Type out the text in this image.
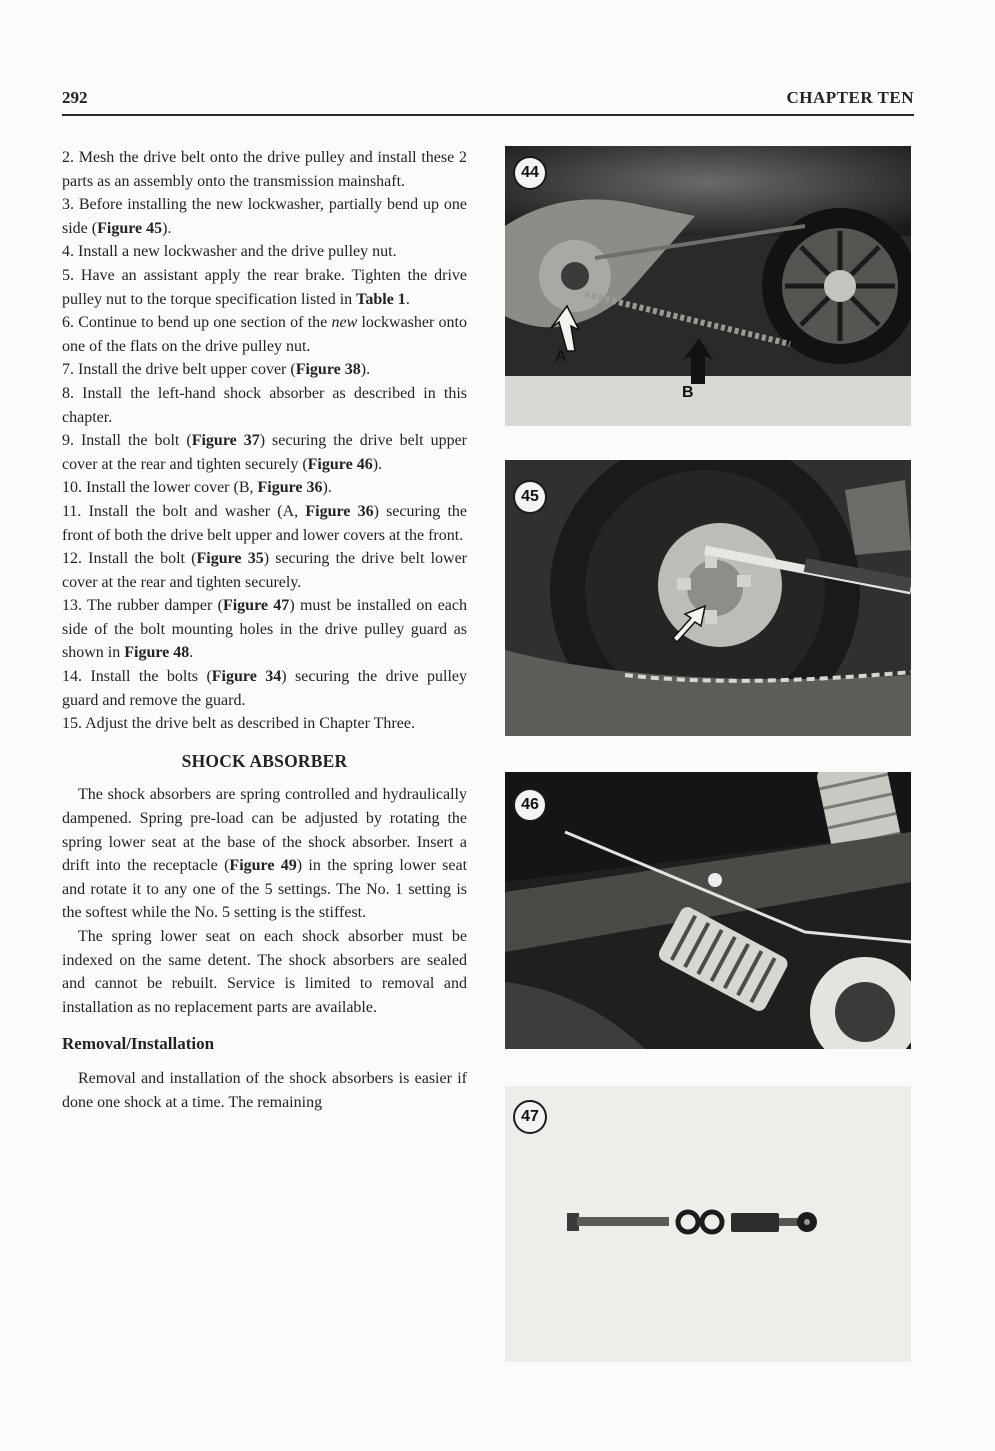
292	CHAPTER TEN

2. Mesh the drive belt onto the drive pulley and install these 2 parts as an assembly onto the transmission mainshaft.

3. Before installing the new lockwasher, partially bend up one side (Figure 45).

4. Install a new lockwasher and the drive pulley nut.

5. Have an assistant apply the rear brake. Tighten the drive pulley nut to the torque specification listed in Table 1.

6. Continue to bend up one section of the new lockwasher onto one of the flats on the drive pulley nut.

7. Install the drive belt upper cover (Figure 38).

8. Install the left-hand shock absorber as described in this chapter.

9. Install the bolt (Figure 37) securing the drive belt upper cover at the rear and tighten securely (Figure 46).

10. Install the lower cover (B, Figure 36).

11. Install the bolt and washer (A, Figure 36) securing the front of both the drive belt upper and lower covers at the front.

12. Install the bolt (Figure 35) securing the drive belt lower cover at the rear and tighten securely.

13. The rubber damper (Figure 47) must be installed on each side of the bolt mounting holes in the drive pulley guard as shown in Figure 48.

14. Install the bolts (Figure 34) securing the drive pulley guard and remove the guard.

15. Adjust the drive belt as described in Chapter Three.

SHOCK ABSORBER

The shock absorbers are spring controlled and hydraulically dampened. Spring pre-load can be adjusted by rotating the spring lower seat at the base of the shock absorber. Insert a drift into the receptacle (Figure 49) in the spring lower seat and rotate it to any one of the 5 settings. The No. 1 setting is the softest while the No. 5 setting is the stiffest.

The spring lower seat on each shock absorber must be indexed on the same detent. The shock absorbers are sealed and cannot be rebuilt. Service is limited to removal and installation as no replacement parts are available.

Removal/Installation

Removal and installation of the shock absorbers is easier if done one shock at a time. The remaining

44
A
B
45
46
47
